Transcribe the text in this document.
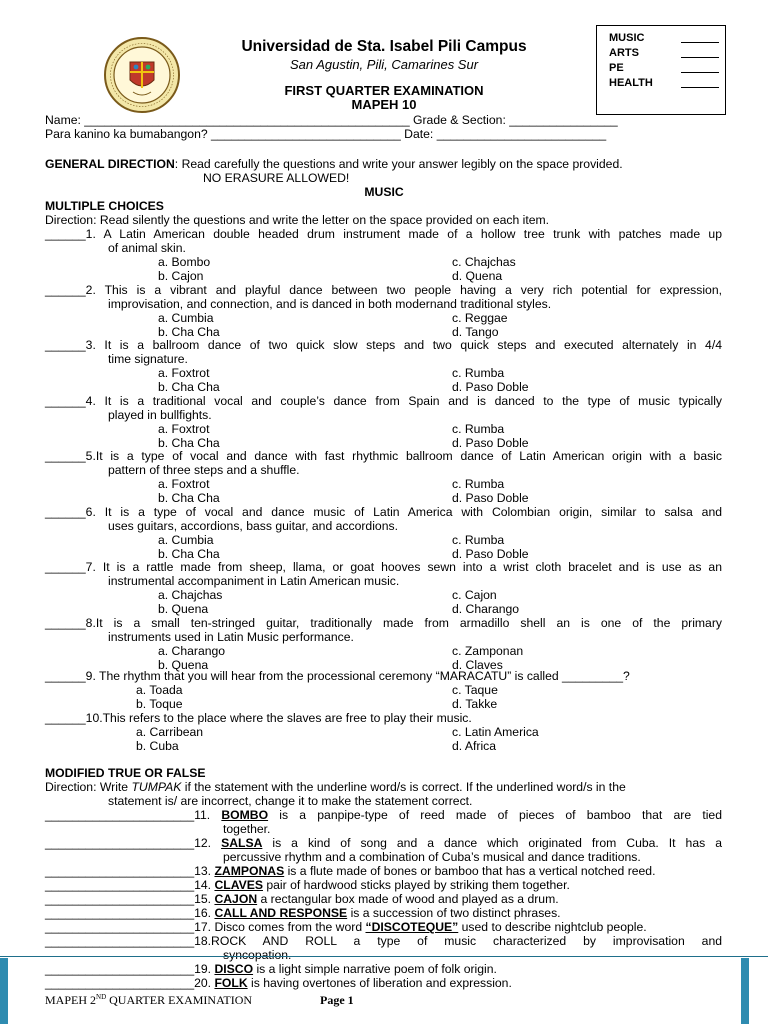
Universidad de Sta. Isabel Pili Campus
San Agustin, Pili, Camarines Sur
MUSIC
ARTS
PE
HEALTH
FIRST QUARTER EXAMINATION
MAPEH 10
Name: ________________________________________________ Grade & Section: ________________
Para kanino ka bumabangon? ____________________________ Date: _________________________
GENERAL DIRECTION: Read carefully the questions and write your answer legibly on the space provided.
NO ERASURE ALLOWED!
MUSIC
MULTIPLE CHOICES
Direction: Read silently the questions and write the letter on the space provided on each item.
______1. A Latin American double headed drum instrument made of a hollow tree trunk with patches made up
of animal skin.
a. Bombo	c. Chajchas
b. Cajon	d. Quena
______2. This is a vibrant and playful dance between two people having a very rich potential for expression,
improvisation, and connection, and is danced in both modernand traditional styles.
a. Cumbia	c. Reggae
b. Cha Cha	d. Tango
______3. It is a ballroom dance of two quick slow steps and two quick steps and executed alternately in 4/4
time signature.
a. Foxtrot	c. Rumba
b. Cha Cha	d. Paso Doble
______4. It is a traditional vocal and couple’s dance from Spain and is danced to the type of music typically
played in bullfights.
a. Foxtrot	c. Rumba
b. Cha Cha	d. Paso Doble
______5.It is a type of vocal and dance with fast rhythmic ballroom dance of Latin American origin with a basic
pattern of three steps and a shuffle.
a. Foxtrot	c. Rumba
b. Cha Cha	d. Paso Doble
______6. It is a type of vocal and dance music of Latin America with Colombian origin, similar to salsa and
uses guitars, accordions, bass guitar, and accordions.
a. Cumbia	c. Rumba
b. Cha Cha	d. Paso Doble
______7. It is a rattle made from sheep, llama, or goat hooves sewn into a wrist cloth bracelet and is use as an
instrumental accompaniment in Latin American music.
a. Chajchas	c. Cajon
b. Quena	d. Charango
______8.It is a small ten-stringed guitar, traditionally made from armadillo shell an is one of the primary
instruments used in Latin Music performance.
a. Charango	c. Zamponan
b. Quena	d. Claves
______9. The rhythm that you will hear from the processional ceremony “MARACATU” is called _________?
a. Toada	c. Taque
b. Toque	d. Takke
______10.This refers to the place where the slaves are free to play their music.
a. Carribean	c. Latin America
b. Cuba	d. Africa
MODIFIED TRUE OR FALSE
Direction: Write TUMPAK if the statement with the underline word/s is correct. If the underlined word/s in the
statement is/ are incorrect, change it to make the statement correct.
______________________11. BOMBO is a panpipe-type of reed made of pieces of bamboo that are tied
together.
______________________12. SALSA is a kind of song and a dance which originated from Cuba. It has a
percussive rhythm and a combination of Cuba’s musical and dance traditions.
______________________13. ZAMPONAS is a flute made of bones or bamboo that has a vertical notched reed.
______________________14. CLAVES pair of hardwood sticks played by striking them together.
______________________15. CAJON a rectangular box made of wood and played as a drum.
______________________16. CALL AND RESPONSE is a succession of two distinct phrases.
______________________17. Disco comes from the word “DISCOTEQUE” used to describe nightclub people.
______________________18.ROCK AND ROLL a type of music characterized by improvisation and
syncopation.
______________________19. DISCO is a light simple narrative poem of folk origin.
______________________20. FOLK is having overtones of liberation and expression.
MAPEH 2ND QUARTER EXAMINATION	Page 1
